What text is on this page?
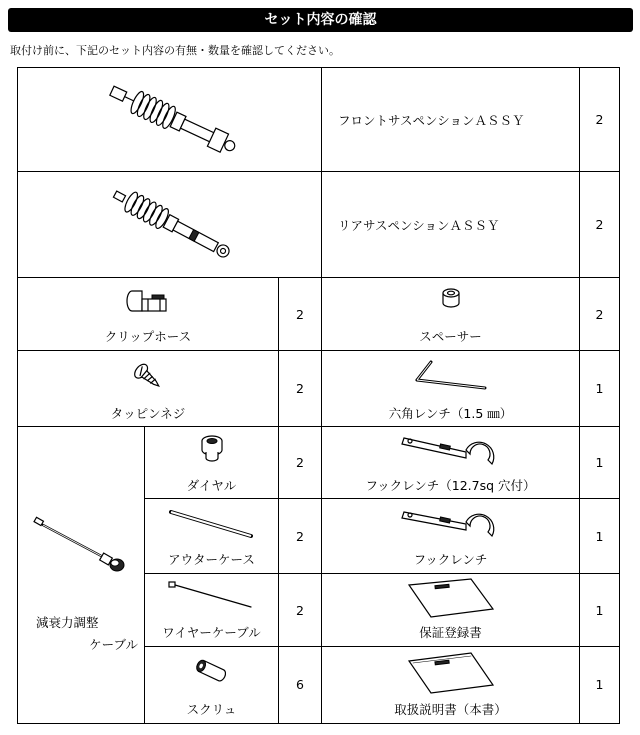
セット内容の確認
取付け前に、下記のセット内容の有無・数量を確認してください。
	フロントサスペンションＡＳＳＹ	2

	リアサスペンションＡＳＳＹ	2

クリップホース		2	スペーサー	2

タッピンネジ		2	六角レンチ（1.5 ㎜）	1

減衰力調整
ケーブル	ダイヤル	2	フックレンチ（12.7sq 穴付）	1

	アウターケース	2	フックレンチ	1

	ワイヤーケーブル	2	保証登録書	1

	スクリュ	6	取扱説明書（本書）	1
